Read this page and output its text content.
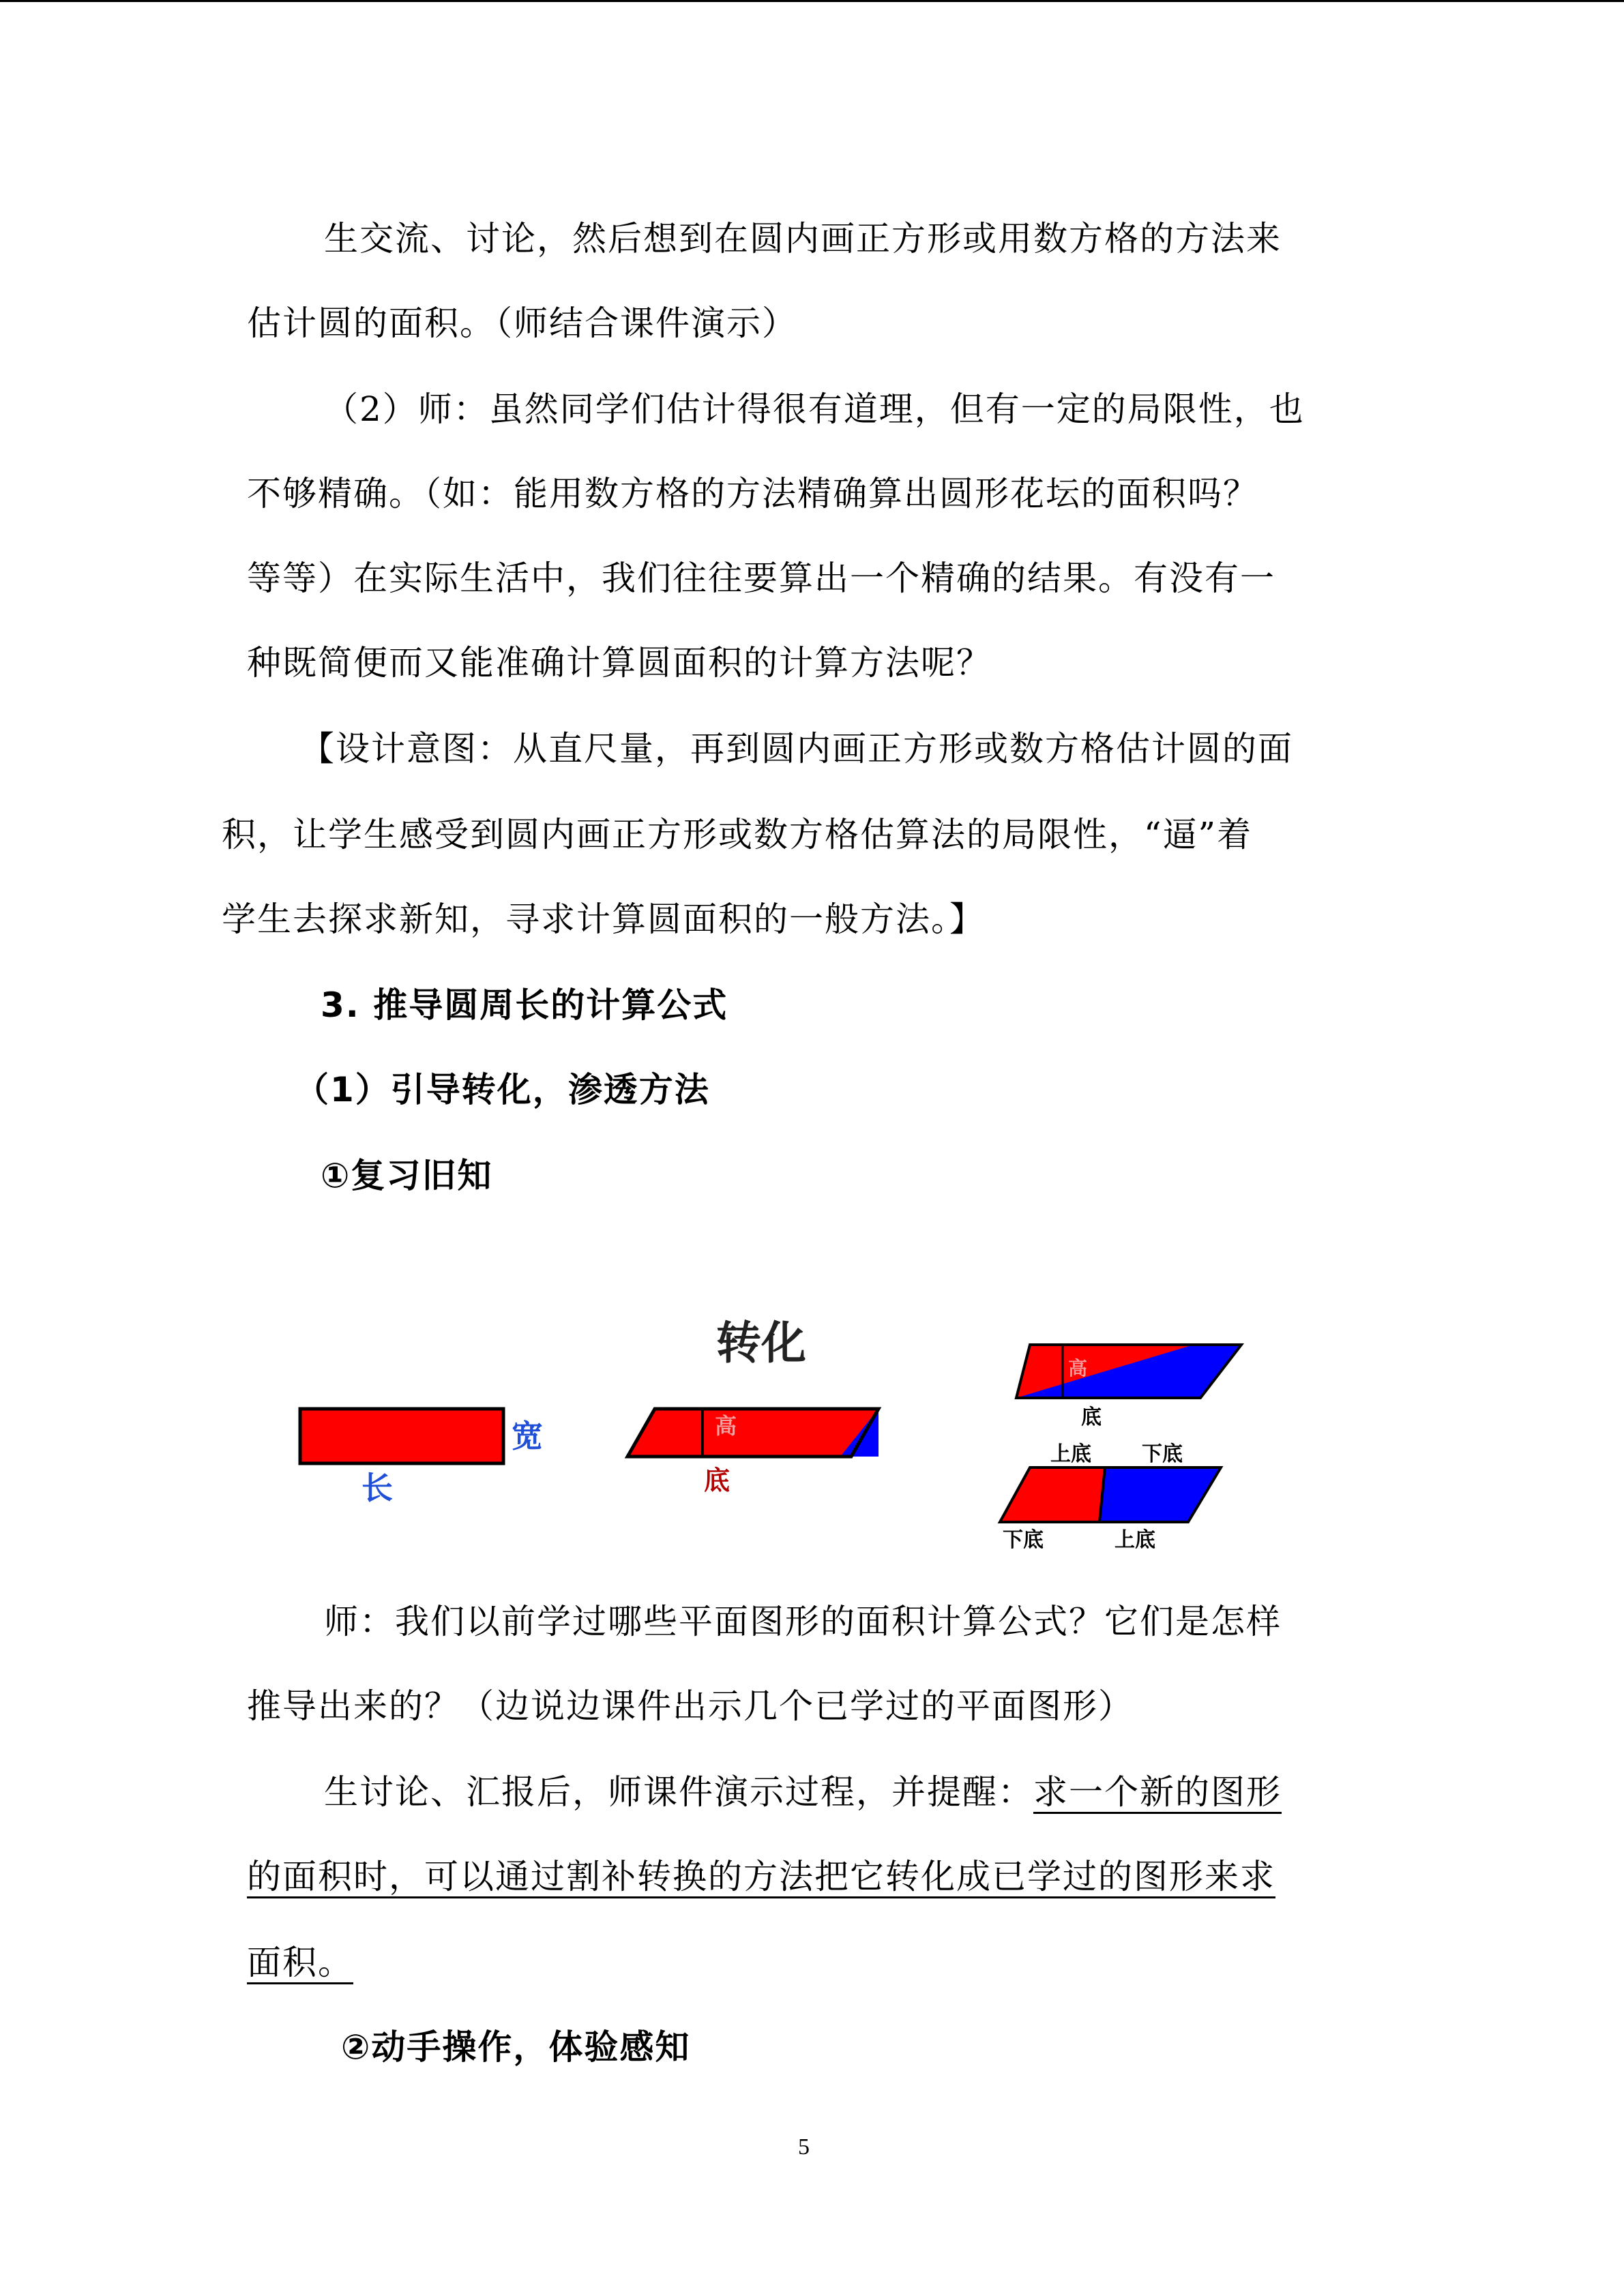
生交流、讨论，然后想到在圆内画正方形或用数方格的方法来
估计圆的面积。（师结合课件演示）
（2）师：虽然同学们估计得很有道理，但有一定的局限性，也
不够精确。（如：能用数方格的方法精确算出圆形花坛的面积吗？
等等）在实际生活中，我们往往要算出一个精确的结果。有没有一
种既简便而又能准确计算圆面积的计算方法呢？
【设计意图：从直尺量，再到圆内画正方形或数方格估计圆的面
积，让学生感受到圆内画正方形或数方格估算法的局限性，“逼”着
学生去探求新知，寻求计算圆面积的一般方法。】
3. 推导圆周长的计算公式
（1）引导转化，渗透方法
①复习旧知
转化
宽
长
高
底
高
底
上底 下底
下底	上底
师：我们以前学过哪些平面图形的面积计算公式？它们是怎样
推导出来的？（边说边课件出示几个已学过的平面图形）
生讨论、汇报后，师课件演示过程，并提醒：求一个新的图形
的面积时，可以通过割补转换的方法把它转化成已学过的图形来求
面积。
②动手操作，体验感知
5
